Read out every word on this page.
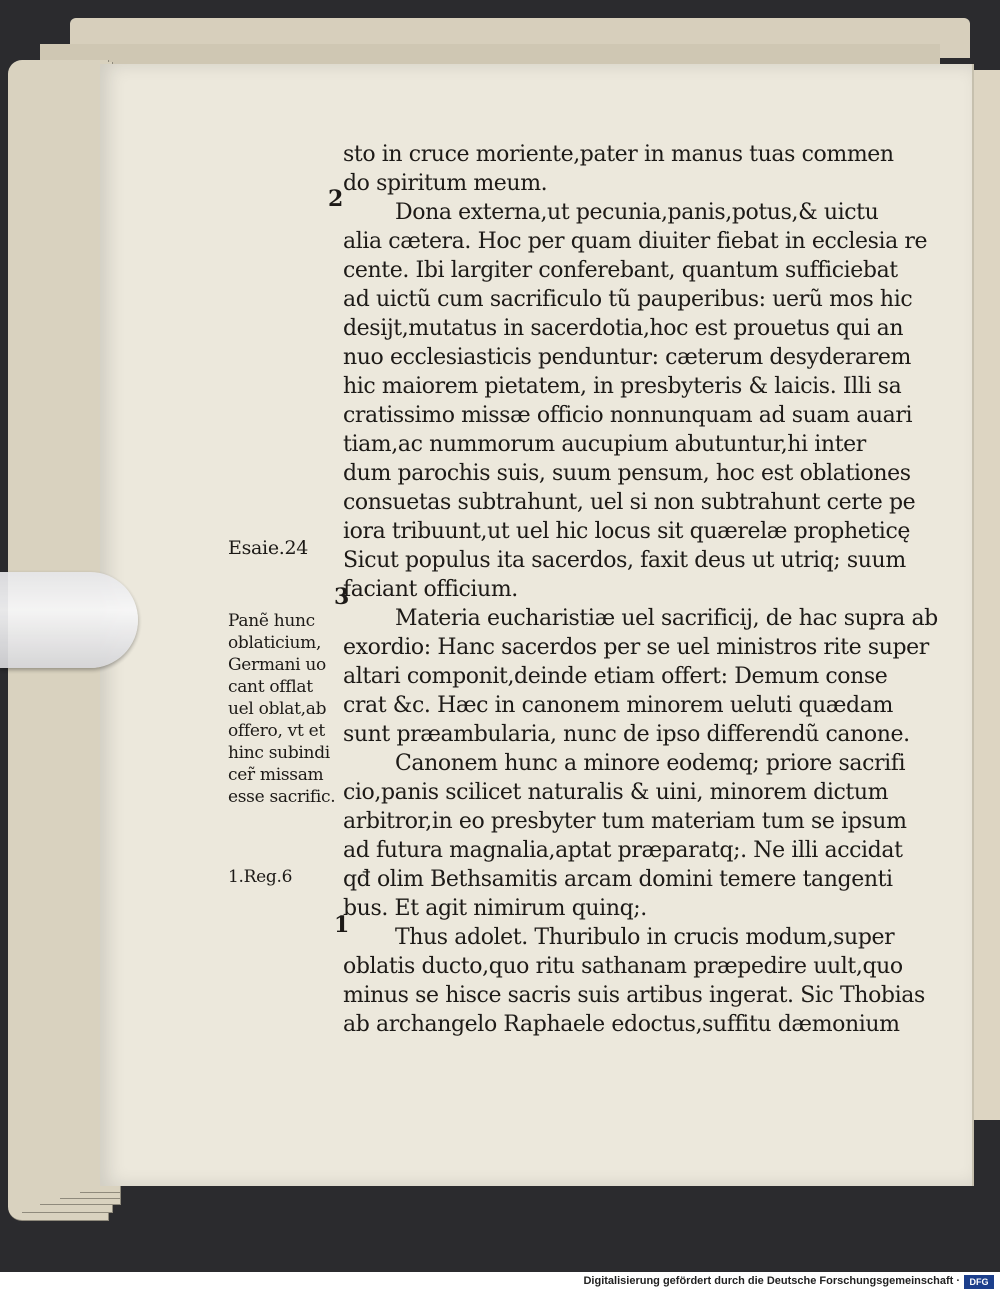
2
3
1
sto in cruce moriente,pater in manus tuas commen
do spiritum meum.
Dona externa,ut pecunia,panis,potus,& uictu
alia cætera. Hoc per quam diuiter fiebat in ecclesia re
cente. Ibi largiter conferebant, quantum sufficiebat
ad uictũ cum sacrificulo tũ pauperibus: uerũ mos hic
desijt,mutatus in sacerdotia,hoc est prouetus qui an
nuo ecclesiasticis penduntur: cæterum desyderarem
hic maiorem pietatem, in presbyteris & laicis. Illi sa
cratissimo missæ officio nonnunquam ad suam auari
tiam,ac nummorum aucupium abutuntur,hi inter
dum parochis suis, suum pensum, hoc est oblationes
consuetas subtrahunt, uel si non subtrahunt certe pe
iora tribuunt,ut uel hic locus sit quærelæ propheticę
Sicut populus ita sacerdos, faxit deus ut utriq; suum
faciant officium.
Materia eucharistiæ uel sacrificij, de hac supra ab
exordio: Hanc sacerdos per se uel ministros rite super
altari componit,deinde etiam offert: Demum conse
crat &c. Hæc in canonem minorem ueluti quædam
sunt præambularia, nunc de ipso differendũ canone.
Canonem hunc a minore eodemq; priore sacrifi
cio,panis scilicet naturalis & uini, minorem dictum
arbitror,in eo presbyter tum materiam tum se ipsum
ad futura magnalia,aptat præparatq;. Ne illi accidat
qđ olim Bethsamitis arcam domini temere tangenti
bus. Et agit nimirum quinq;.
Thus adolet. Thuribulo in crucis modum,super
oblatis ducto,quo ritu sathanam præpedire uult,quo
minus se hisce sacris suis artibus ingerat. Sic Thobias
ab archangelo Raphaele edoctus,suffitu dæmonium
Esaie.24
Panẽ hunc
oblaticium,
Germani uo
cant offlat
uel oblat,ab
offero, vt et
hinc subindi
cer̃ missam
esse sacrific.
1.Reg.6
Digitalisierung gefördert durch die Deutsche Forschungsgemeinschaft ·	DFG
